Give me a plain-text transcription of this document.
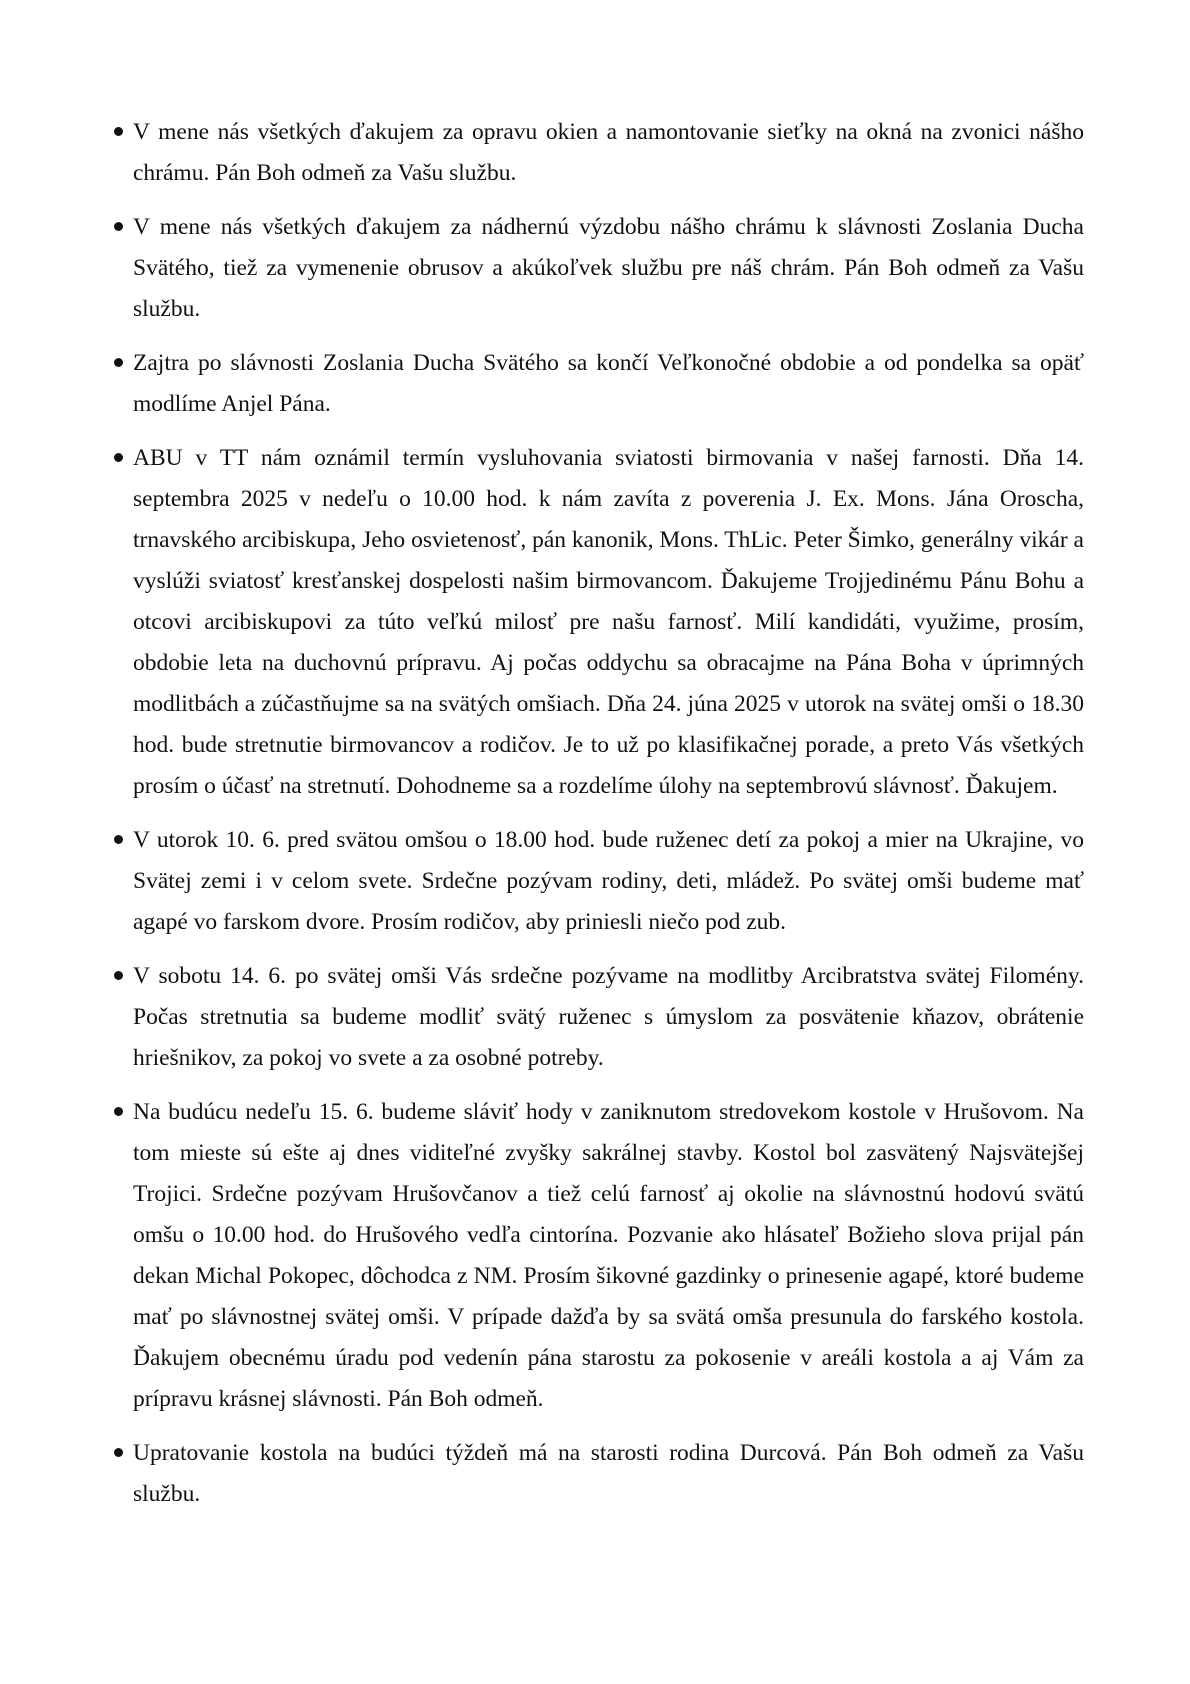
V mene nás všetkých ďakujem za opravu okien a namontovanie sieťky na okná na zvonici nášho chrámu. Pán Boh odmeň za Vašu službu.
V mene nás všetkých ďakujem za nádhernú výzdobu nášho chrámu k slávnosti Zoslania Ducha Svätého, tiež za vymenenie obrusov a akúkoľvek službu pre náš chrám. Pán Boh odmeň za Vašu službu.
Zajtra po slávnosti Zoslania Ducha Svätého sa končí Veľkonočné obdobie a od pondelka sa opäť modlíme Anjel Pána.
ABU v TT nám oznámil termín vysluhovania sviatosti birmovania v našej farnosti. Dňa 14. septembra 2025 v nedeľu o 10.00 hod. k nám zavíta z poverenia J. Ex. Mons. Jána Oroscha, trnavského arcibiskupa, Jeho osvietenosť, pán kanonik, Mons. ThLic. Peter Šimko, generálny vikár a vyslúži sviatosť kresťanskej dospelosti našim birmovancom. Ďakujeme Trojjedinému Pánu Bohu a otcovi arcibiskupovi za túto veľkú milosť pre našu farnosť. Milí kandidáti, využime, prosím, obdobie leta na duchovnú prípravu. Aj počas oddychu sa obracajme na Pána Boha v úprimných modlitbách a zúčastňujme sa na svätých omšiach. Dňa 24. júna 2025 v utorok na svätej omši o 18.30 hod. bude stretnutie birmovancov a rodičov. Je to už po klasifikačnej porade, a preto Vás všetkých prosím o účasť na stretnutí. Dohodneme sa a rozdelíme úlohy na septembrovú slávnosť. Ďakujem.
V utorok 10. 6. pred svätou omšou o 18.00 hod. bude ruženec detí za pokoj a mier na Ukrajine, vo Svätej zemi i v celom svete. Srdečne pozývam rodiny, deti, mládež. Po svätej omši budeme mať agapé vo farskom dvore. Prosím rodičov, aby priniesli niečo pod zub.
V sobotu 14. 6. po svätej omši Vás srdečne pozývame na modlitby Arcibratstva svätej Filomény. Počas stretnutia sa budeme modliť svätý ruženec s úmyslom za posvätenie kňazov, obrátenie hriešnikov, za pokoj vo svete a za osobné potreby.
Na budúcu nedeľu 15. 6. budeme sláviť hody v zaniknutom stredovekom kostole v Hrušovom. Na tom mieste sú ešte aj dnes viditeľné zvyšky sakrálnej stavby. Kostol bol zasvätený Najsvätejšej Trojici. Srdečne pozývam Hrušovčanov a tiež celú farnosť aj okolie na slávnostnú hodovú svätú omšu o 10.00 hod. do Hrušového vedľa cintorína. Pozvanie ako hlásateľ Božieho slova prijal pán dekan Michal Pokopec, dôchodca z NM. Prosím šikovné gazdinky o prinesenie agapé, ktoré budeme mať po slávnostnej svätej omši. V prípade dažďa by sa svätá omša presunula do farského kostola. Ďakujem obecnému úradu pod vedenín pána starostu za pokosenie v areáli kostola a aj Vám za prípravu krásnej slávnosti. Pán Boh odmeň.
Upratovanie kostola na budúci týždeň má na starosti rodina Durcová. Pán Boh odmeň za Vašu službu.
